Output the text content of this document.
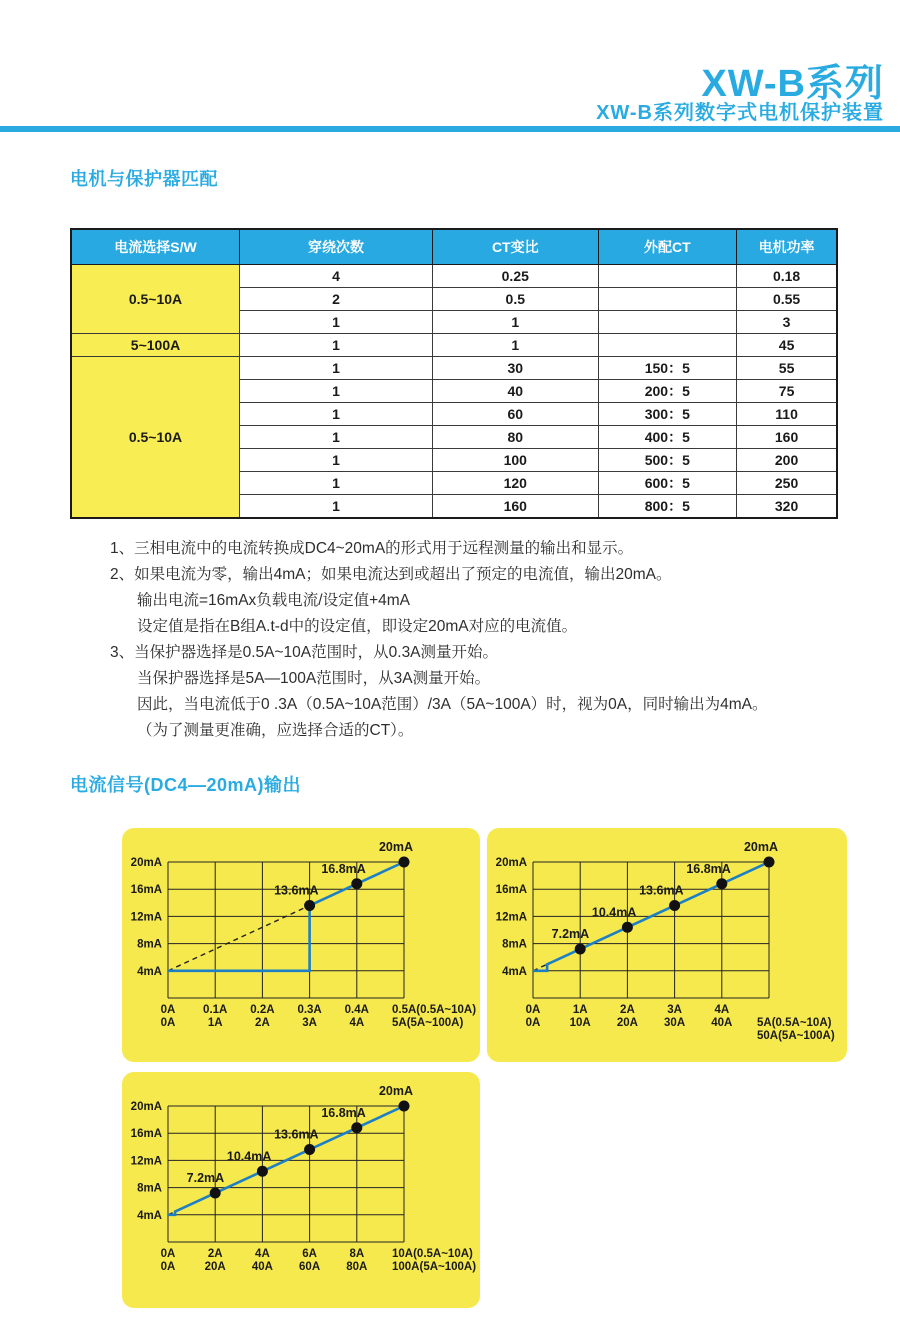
XW-B系列
XW-B系列数字式电机保护装置
电机与保护器匹配
电流选择S/W	穿绕次数	CT变比	外配CT	电机功率
0.5~10A	4	0.25		0.18
	2	0.5		0.55
	1	1		3
5~100A	1	1		45
0.5~10A	1	30	150：5	55
	1	40	200：5	75
	1	60	300：5	110
	1	80	400：5	160
	1	100	500：5	200
	1	120	600：5	250
	1	160	800：5	320
1、三相电流中的电流转换成DC4~20mA的形式用于远程测量的输出和显示。
2、如果电流为零，输出4mA；如果电流达到或超出了预定的电流值，输出20mA。
输出电流=16mAx负载电流/设定值+4mA
设定值是指在B组A.t-d中的设定值，即设定20mA对应的电流值。
3、当保护器选择是0.5A~10A范围时，从0.3A测量开始。
当保护器选择是5A—100A范围时，从3A测量开始。
因此，当电流低于0 .3A（0.5A~10A范围）/3A（5A~100A）时，视为0A，同时输出为4mA。
（为了测量更准确，应选择合适的CT）。
电流信号(DC4—20mA)输出
4mA
8mA
12mA
16mA
20mA
0A
0A
0.1A
1A
0.2A
2A
0.3A
3A
0.4A
4A
0.5A(0.5A~10A)
5A(5A~100A)
13.6mA
16.8mA
20mA
4mA
8mA
12mA
16mA
20mA
0A
0A
1A
10A
2A
20A
3A
30A
4A
40A 5A(0.5A~10A)
50A(5A~100A)
7.2mA
10.4mA
13.6mA
16.8mA
20mA
4mA
8mA
12mA
16mA
20mA
0A
0A
2A
20A
4A
40A
6A
60A
8A
80A
10A(0.5A~10A)
100A(5A~100A)
7.2mA
10.4mA
13.6mA
16.8mA
20mA
